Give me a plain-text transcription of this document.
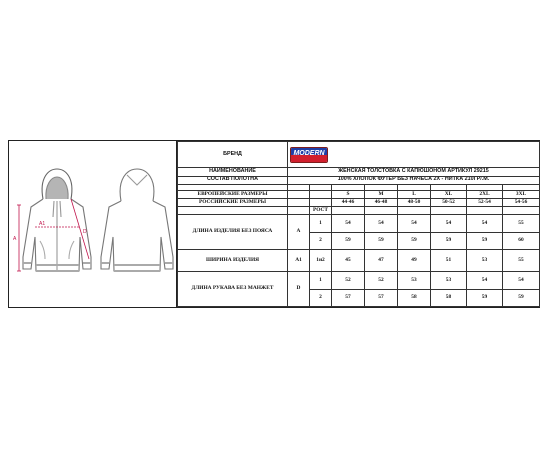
A
A1
D
БРЕНД	MODERN							

НАИМЕНОВАНИЕ	ЖЕНСКАЯ ТОЛСТОВКА С КАПЮШОНОМ АРТИКУЛ 29215							
СОСТАВ ПОЛОТНА	100% ХЛОПОК ФУТЕР БЕЗ НАЧЕСА 2Х - НИТКА 210ГР/.М.							

ЕВРОПЕЙСКИЕ РАЗМЕРЫ			S	M	L	XL	2XL	3XL
РОССИЙСКИЕ РАЗМЕРЫ			44-46	46-48	48-50	50-52	52-54	54-56
		РОСТ						
ДЛИНА ИЗДЕЛИЯ БЕЗ ПОЯСА	A	1	54	54	54	54	54	55
		2	59	59	59	59	59	60
ШИРИНА ИЗДЕЛИЯ	A1	1и2	45	47	49	51	53	55
ДЛИНА РУКАВА БЕЗ МАНЖЕТ	D	1	52	52	53	53	54	54
		2	57	57	58	58	59	59
